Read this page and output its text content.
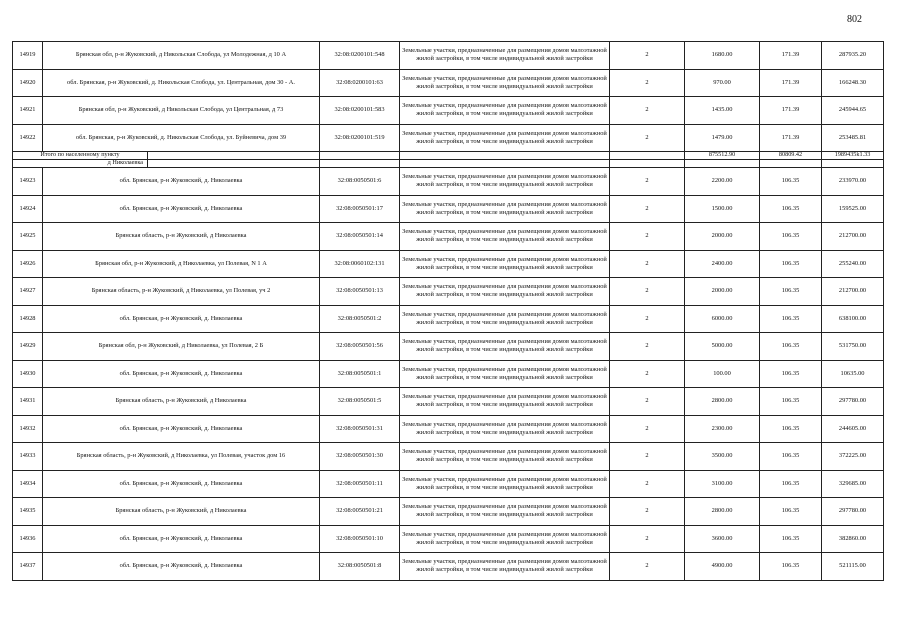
802
14919	Брянская обл, р-н Жуковский, д Никольская Слобода, ул Молодежная, д 10 А		32:08:0200101:548	Земельные участки, предназначенные для размещения домов малоэтажной жилой застройки, в том числе индивидуальной жилой застройки	2	1680.00	171.39	287935.20
14920	обл. Брянская, р-н Жуковский, д. Никольская Слобода, ул. Центральная, дом 30 - А.		32:08:0200101:63	Земельные участки, предназначенные для размещения домов малоэтажной жилой застройки, в том числе индивидуальной жилой застройки	2	970.00	171.39	166248.30
14921	Брянская обл, р-н Жуковский, д Никольская Слобода, ул Центральная, д 73		32:08:0200101:583	Земельные участки, предназначенные для размещения домов малоэтажной жилой застройки, в том числе индивидуальной жилой застройки	2	1435.00	171.39	245944.65
14922	обл. Брянская, р-н Жуковский, д. Никольская Слобода, ул. Буйневича, дом 39		32:08:0200101:519	Земельные участки, предназначенные для размещения домов малоэтажной жилой застройки, в том числе индивидуальной жилой застройки	2	1479.00	171.39	253485.81
Итого по населенному пункту						875512.90	80809.42	1989435k1.33
д Николаевка								
14923	обл. Брянская, р-н Жуковский, д. Николаевка		32:08:0050501:6	Земельные участки, предназначенные для размещения домов малоэтажной жилой застройки, в том числе индивидуальной жилой застройки	2	2200.00	106.35	233970.00
14924	обл. Брянская, р-н Жуковский, д. Николаевка		32:08:0050501:17	Земельные участки, предназначенные для размещения домов малоэтажной жилой застройки, в том числе индивидуальной жилой застройки	2	1500.00	106.35	159525.00
14925	Брянская область, р-н Жуковский, д Николаевка		32:08:0050501:14	Земельные участки, предназначенные для размещения домов малоэтажной жилой застройки, в том числе индивидуальной жилой застройки	2	2000.00	106.35	212700.00
14926	Брянская обл, р-н Жуковский, д Николаевка, ул Полевая, N 1 А		32:08:0060102:131	Земельные участки, предназначенные для размещения домов малоэтажной жилой застройки, в том числе индивидуальной жилой застройки	2	2400.00	106.35	255240.00
14927	Брянская область, р-н Жуковский, д Николаевка, ул Полевая, уч 2		32:08:0050501:13	Земельные участки, предназначенные для размещения домов малоэтажной жилой застройки, в том числе индивидуальной жилой застройки	2	2000.00	106.35	212700.00
14928	обл. Брянская, р-н Жуковский, д. Николаевка		32:08:0050501:2	Земельные участки, предназначенные для размещения домов малоэтажной жилой застройки, в том числе индивидуальной жилой застройки	2	6000.00	106.35	638100.00
14929	Брянская обл, р-н Жуковский, д Николаевка, ул Полевая, 2 Б		32:08:0050501:56	Земельные участки, предназначенные для размещения домов малоэтажной жилой застройки, в том числе индивидуальной жилой застройки	2	5000.00	106.35	531750.00
14930	обл. Брянская, р-н Жуковский, д. Николаевка		32:08:0050501:1	Земельные участки, предназначенные для размещения домов малоэтажной жилой застройки, в том числе индивидуальной жилой застройки	2	100.00	106.35	10635.00
14931	Брянская область, р-н Жуковский, д Николаевка		32:08:0050501:5	Земельные участки, предназначенные для размещения домов малоэтажной жилой застройки, в том числе индивидуальной жилой застройки	2	2800.00	106.35	297780.00
14932	обл. Брянская, р-н Жуковский, д. Николаевка		32:08:0050501:31	Земельные участки, предназначенные для размещения домов малоэтажной жилой застройки, в том числе индивидуальной жилой застройки	2	2300.00	106.35	244605.00
14933	Брянская область, р-н Жуковский, д Николаевка, ул Полевая, участок дом 16		32:08:0050501:30	Земельные участки, предназначенные для размещения домов малоэтажной жилой застройки, в том числе индивидуальной жилой застройки	2	3500.00	106.35	372225.00
14934	обл. Брянская, р-н Жуковский, д. Николаевка		32:08:0050501:11	Земельные участки, предназначенные для размещения домов малоэтажной жилой застройки, в том числе индивидуальной жилой застройки	2	3100.00	106.35	329685.00
14935	Брянская область, р-н Жуковский, д Николаевка		32:08:0050501:21	Земельные участки, предназначенные для размещения домов малоэтажной жилой застройки, в том числе индивидуальной жилой застройки	2	2800.00	106.35	297780.00
14936	обл. Брянская, р-н Жуковский, д. Николаевка		32:08:0050501:10	Земельные участки, предназначенные для размещения домов малоэтажной жилой застройки, в том числе индивидуальной жилой застройки	2	3600.00	106.35	382860.00
14937	обл. Брянская, р-н Жуковский, д. Николаевка		32:08:0050501:8	Земельные участки, предназначенные для размещения домов малоэтажной жилой застройки, в том числе индивидуальной жилой застройки	2	4900.00	106.35	521115.00
